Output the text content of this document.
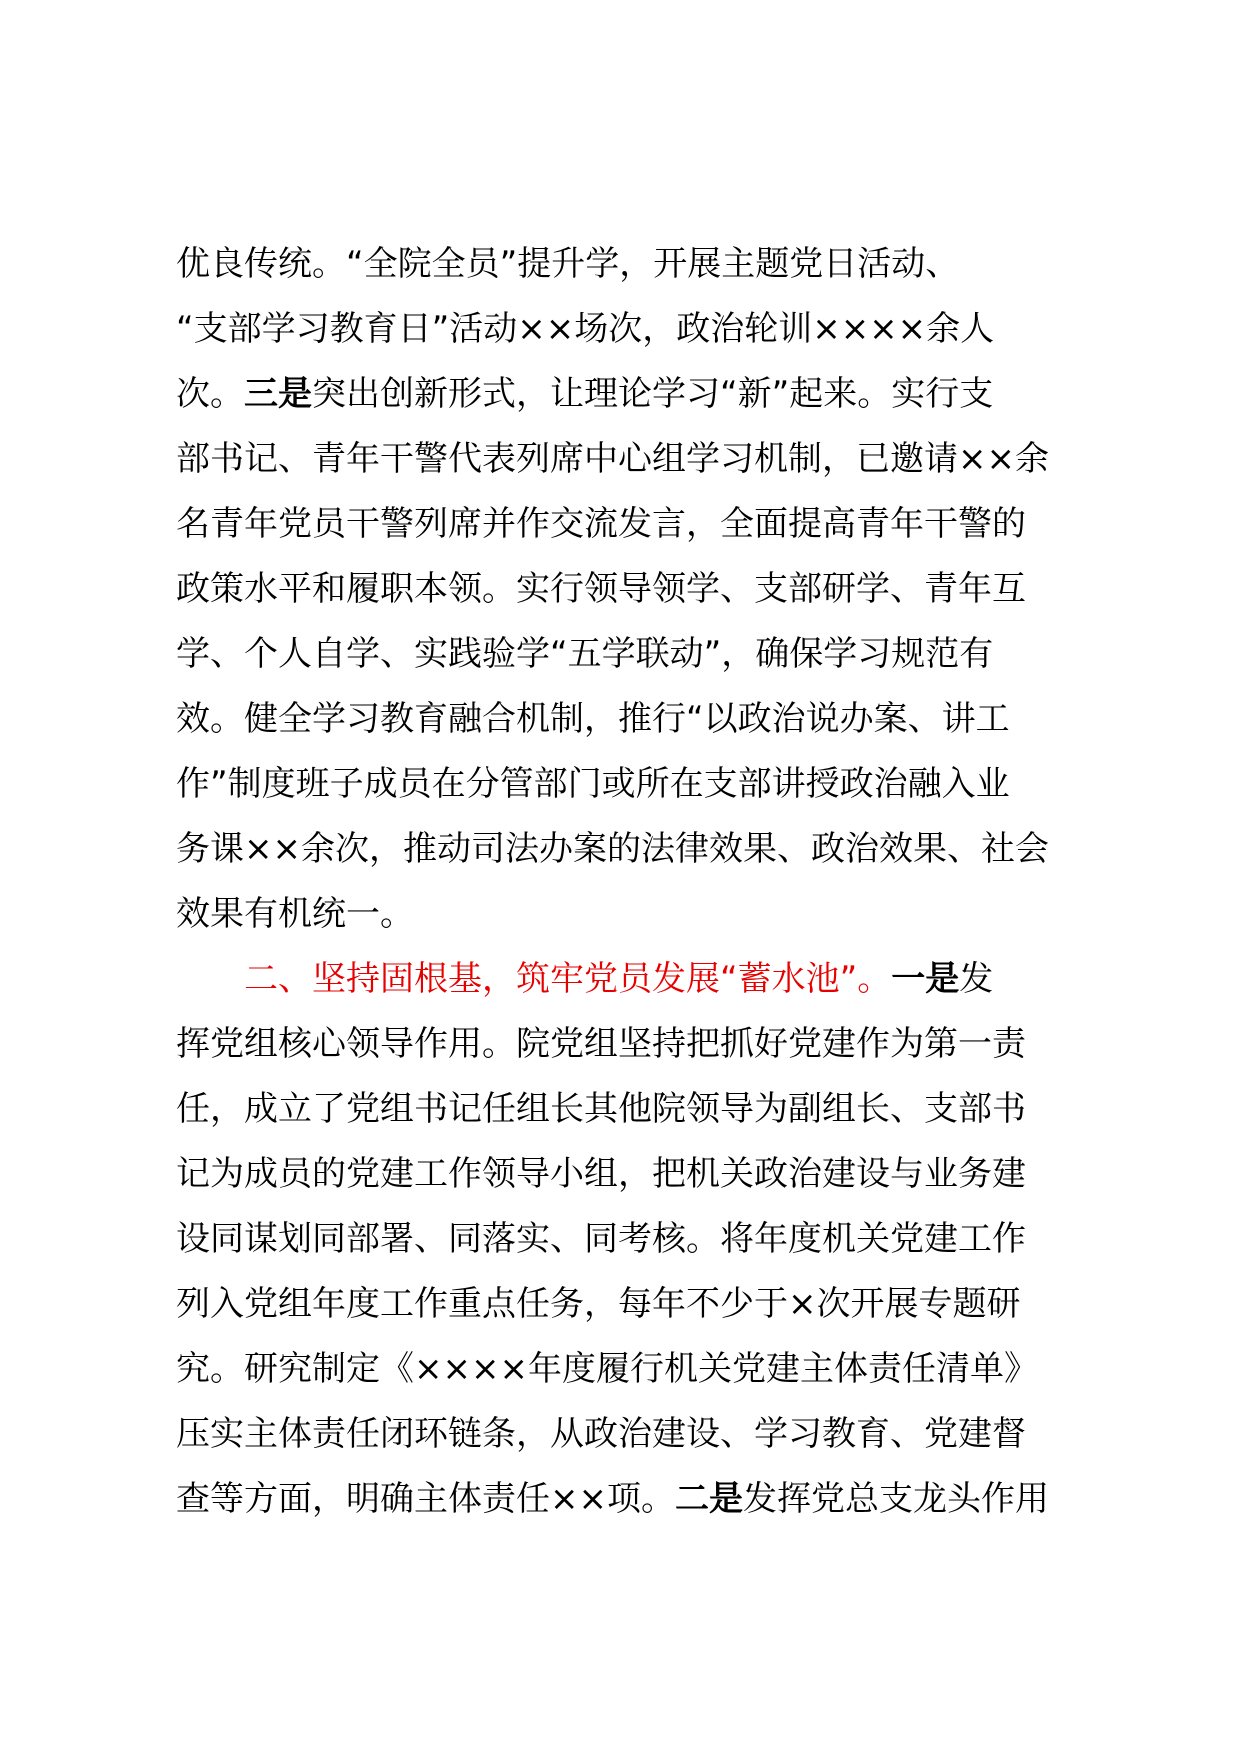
优良传统。“全院全员”提升学，开展主题党日活动、
“支部学习教育日”活动××场次，政治轮训××××余人
次。三是突出创新形式，让理论学习“新”起来。实行支
部书记、青年干警代表列席中心组学习机制，已邀请××余
名青年党员干警列席并作交流发言，全面提高青年干警的
政策水平和履职本领。实行领导领学、支部研学、青年互
学、个人自学、实践验学“五学联动”，确保学习规范有
效。健全学习教育融合机制，推行“以政治说办案、讲工
作”制度班子成员在分管部门或所在支部讲授政治融入业
务课××余次，推动司法办案的法律效果、政治效果、社会
效果有机统一。
二、坚持固根基，筑牢党员发展“蓄水池”。一是发
挥党组核心领导作用。院党组坚持把抓好党建作为第一责
任，成立了党组书记任组长其他院领导为副组长、支部书
记为成员的党建工作领导小组，把机关政治建设与业务建
设同谋划同部署、同落实、同考核。将年度机关党建工作
列入党组年度工作重点任务，每年不少于×次开展专题研
究。研究制定《××××年度履行机关党建主体责任清单》
压实主体责任闭环链条，从政治建设、学习教育、党建督
查等方面，明确主体责任××项。二是发挥党总支龙头作用
